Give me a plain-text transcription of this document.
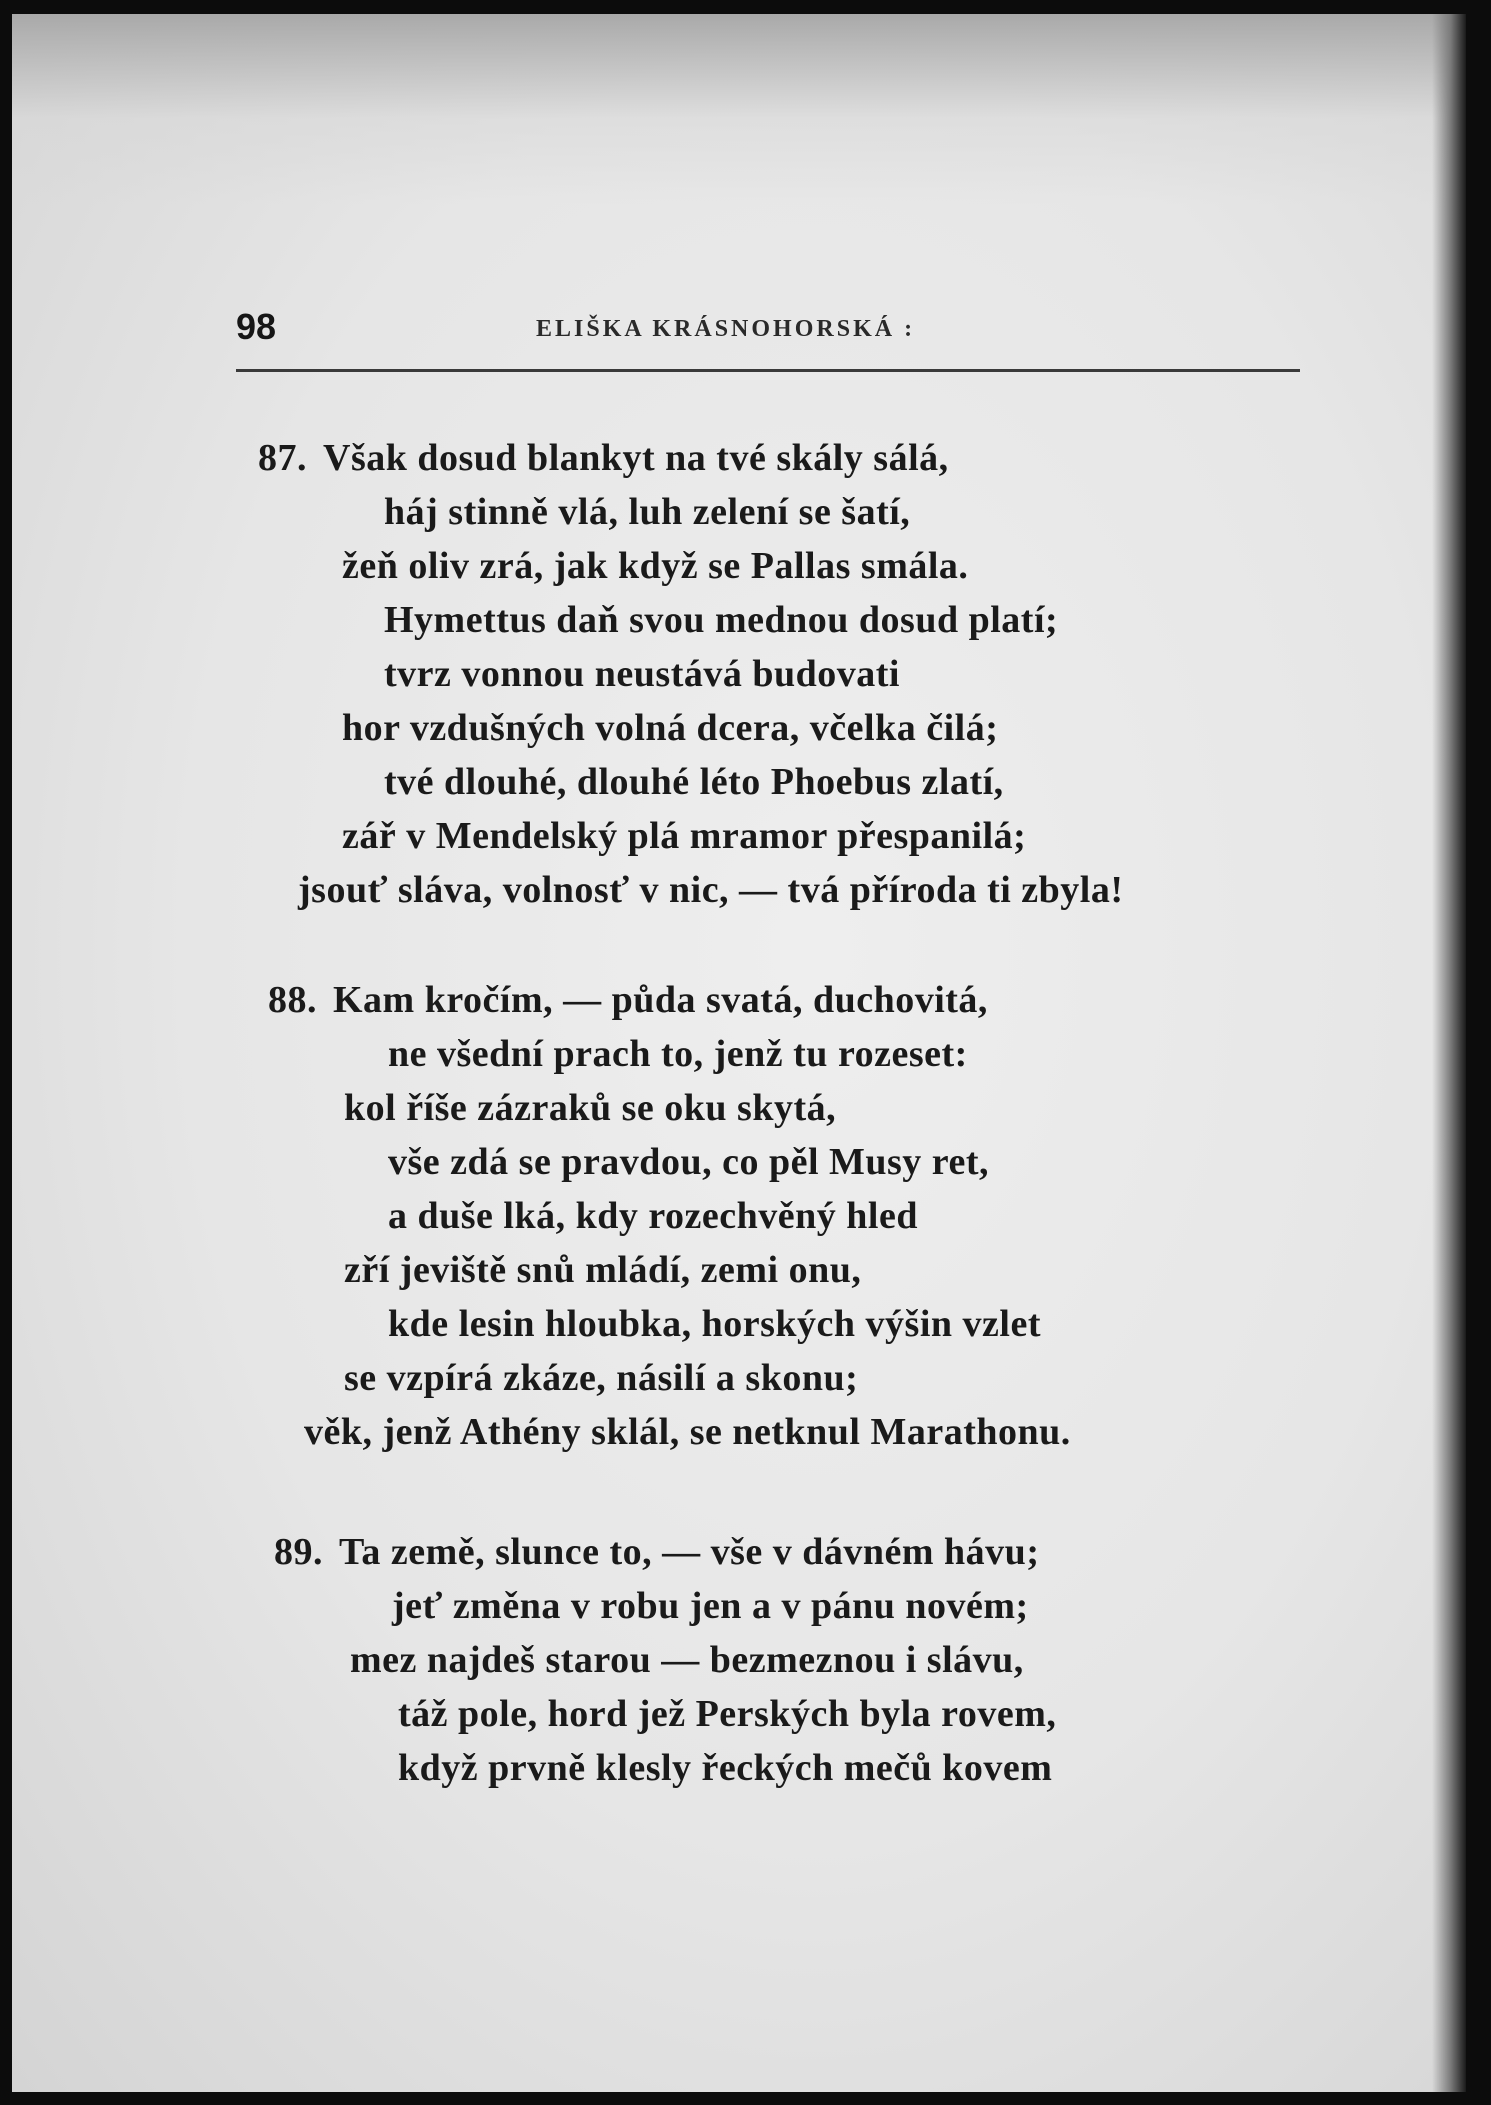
98	ELIŠKA KRÁSNOHORSKÁ :
87. Však dosud blankyt na tvé skály sálá,
háj stinně vlá, luh zelení se šatí,
žeň oliv zrá, jak když se Pallas smála.
Hymettus daň svou mednou dosud platí;
tvrz vonnou neustává budovati
hor vzdušných volná dcera, včelka čilá;
tvé dlouhé, dlouhé léto Phoebus zlatí,
zář v Mendelský plá mramor přespanilá;
jsouť sláva, volnosť v nic, — tvá příroda ti zbyla!
88. Kam kročím, — půda svatá, duchovitá,
ne všední prach to, jenž tu rozeset:
kol říše zázraků se oku skytá,
vše zdá se pravdou, co pěl Musy ret,
a duše lká, kdy rozechvěný hled
zří jeviště snů mládí, zemi onu,
kde lesin hloubka, horských výšin vzlet
se vzpírá zkáze, násilí a skonu;
věk, jenž Athény sklál, se netknul Marathonu.
89. Ta země, slunce to, — vše v dávném hávu;
jeť změna v robu jen a v pánu novém;
mez najdeš starou — bezmeznou i slávu,
táž pole, hord jež Perských byla rovem,
když prvně klesly řeckých mečů kovem
